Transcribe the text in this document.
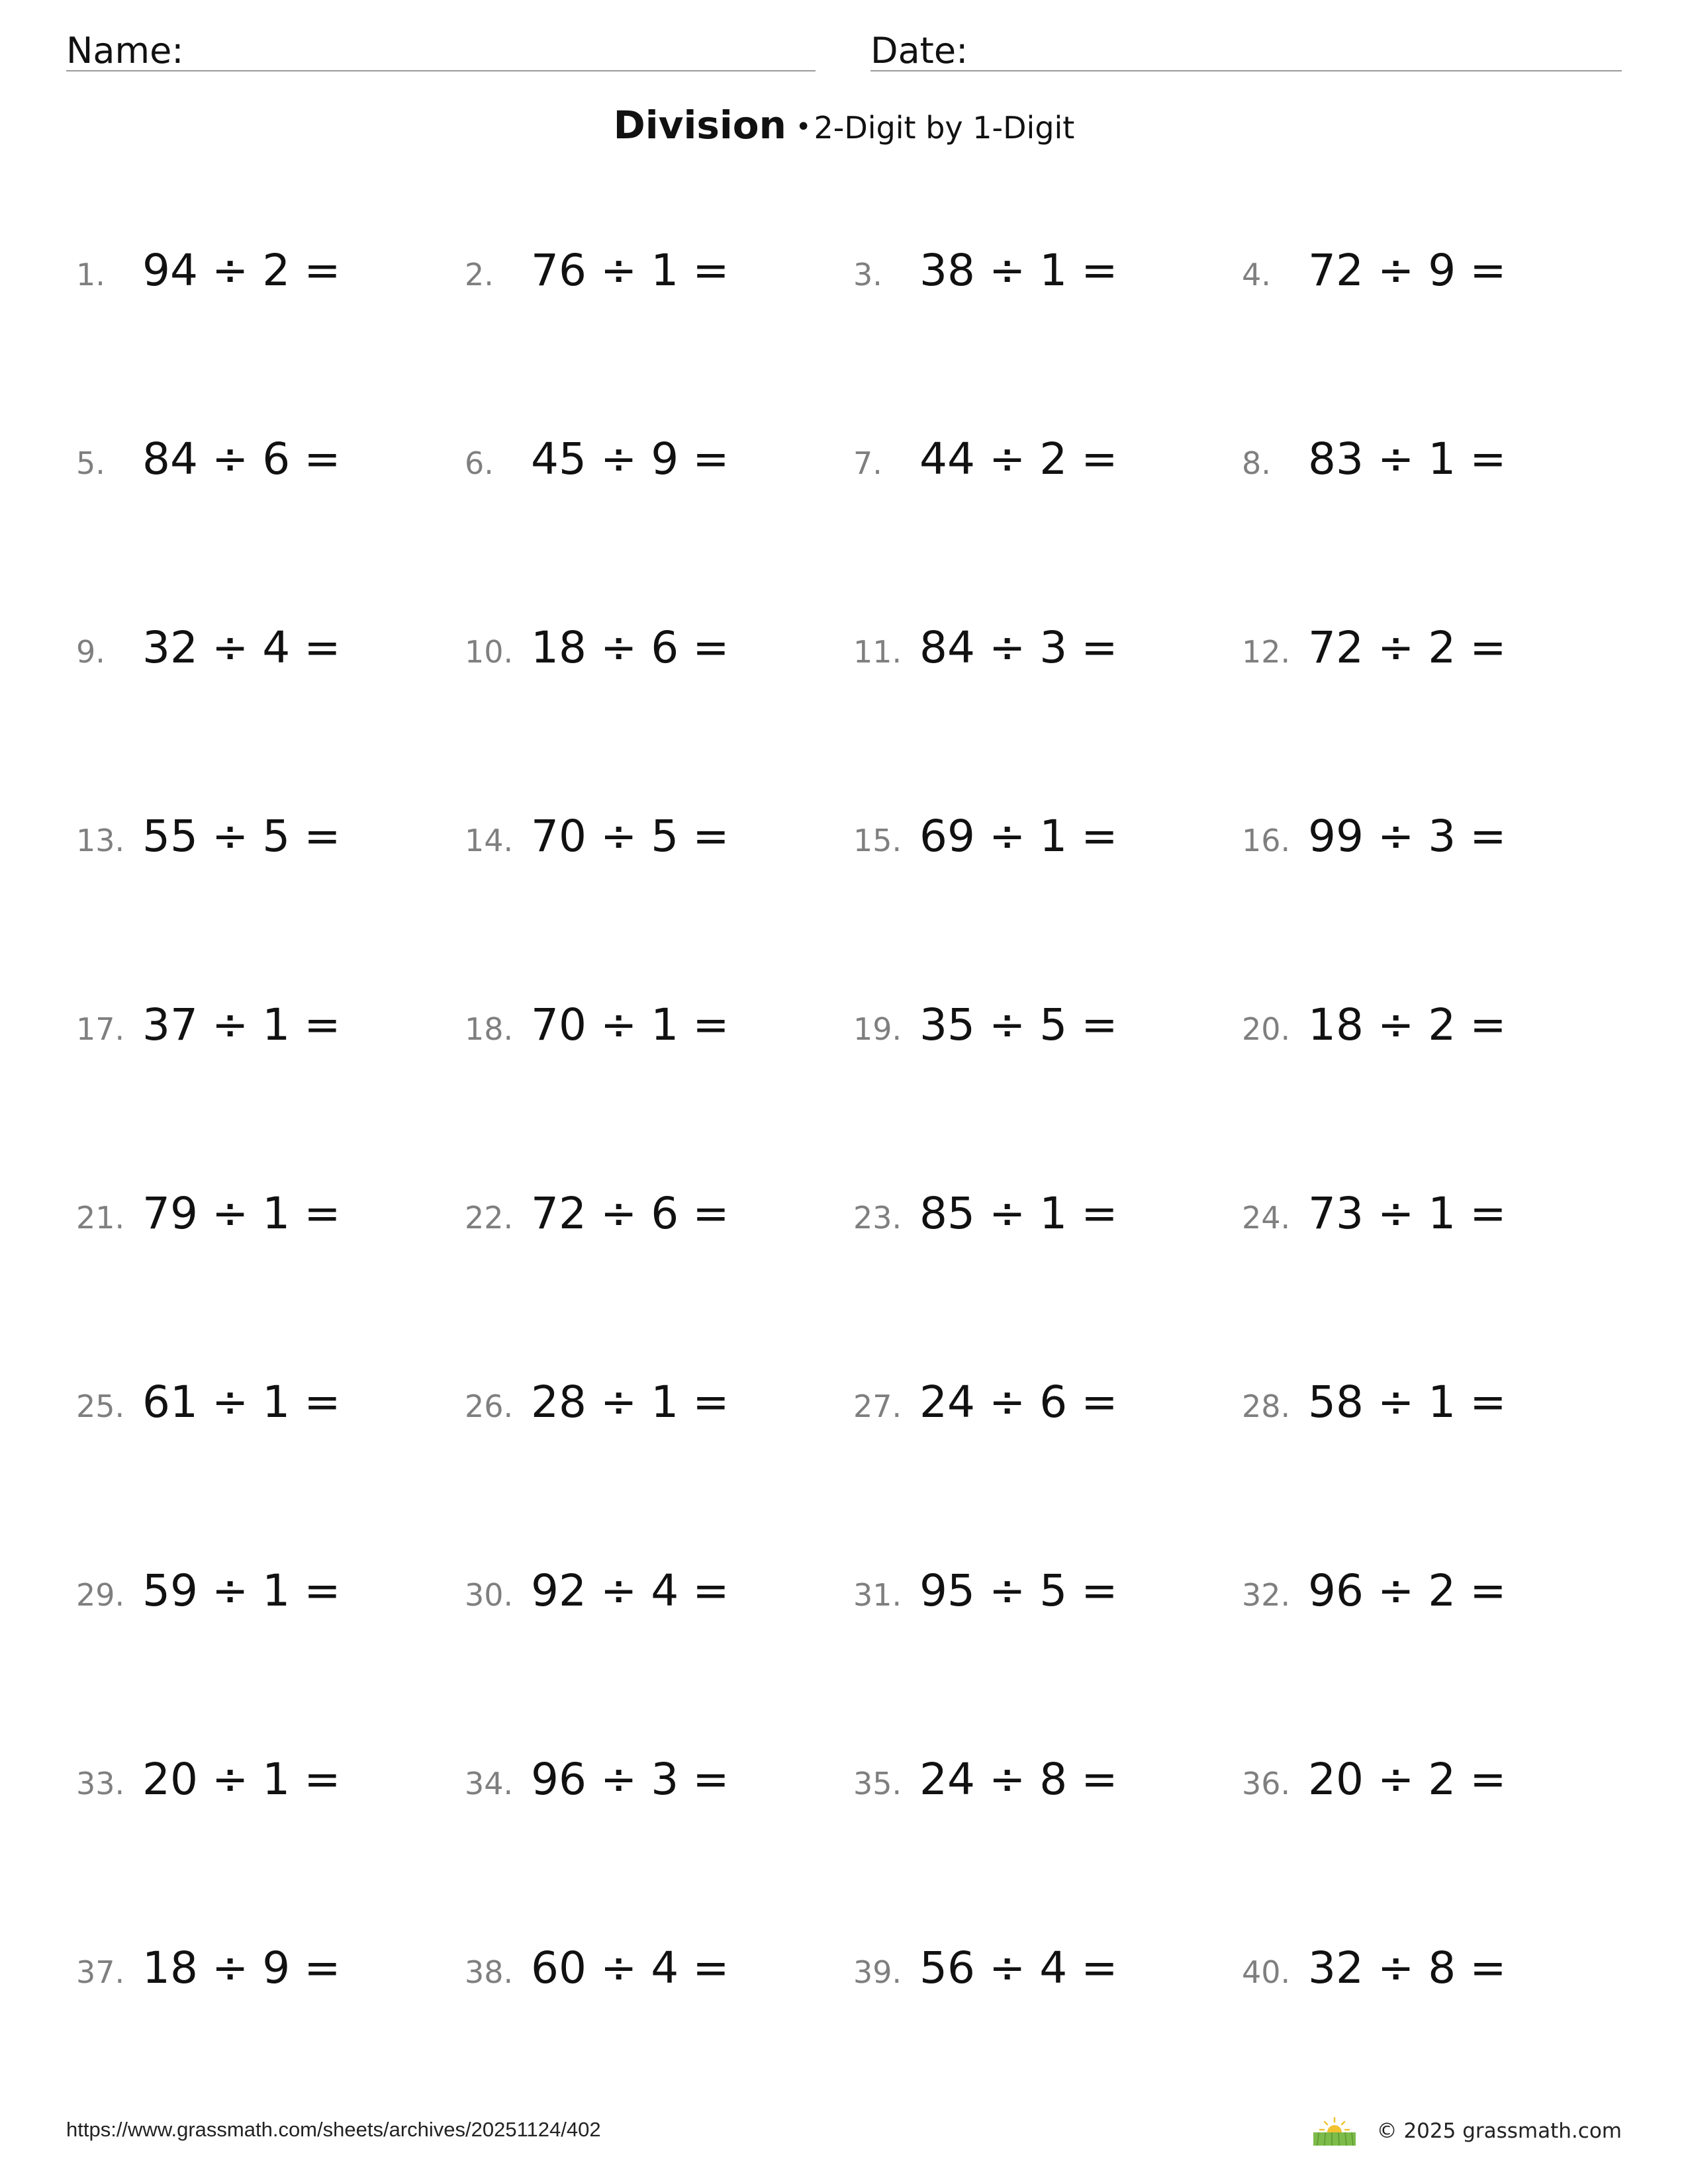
Name:	Date:
Division •2-Digit by 1-Digit
1. 94 ÷ 2 =	2. 76 ÷ 1 =	3. 38 ÷ 1 =	4. 72 ÷ 9 =
5. 84 ÷ 6 =	6. 45 ÷ 9 =	7. 44 ÷ 2 =	8. 83 ÷ 1 =
9. 32 ÷ 4 =	10. 18 ÷ 6 =	11. 84 ÷ 3 =	12. 72 ÷ 2 =
13. 55 ÷ 5 =	14. 70 ÷ 5 =	15. 69 ÷ 1 =	16. 99 ÷ 3 =
17. 37 ÷ 1 =	18. 70 ÷ 1 =	19. 35 ÷ 5 =	20. 18 ÷ 2 =
21. 79 ÷ 1 =	22. 72 ÷ 6 =	23. 85 ÷ 1 =	24. 73 ÷ 1 =
25. 61 ÷ 1 =	26. 28 ÷ 1 =	27. 24 ÷ 6 =	28. 58 ÷ 1 =
29. 59 ÷ 1 =	30. 92 ÷ 4 =	31. 95 ÷ 5 =	32. 96 ÷ 2 =
33. 20 ÷ 1 =	34. 96 ÷ 3 =	35. 24 ÷ 8 =	36. 20 ÷ 2 =
37. 18 ÷ 9 =	38. 60 ÷ 4 =	39. 56 ÷ 4 =	40. 32 ÷ 8 =
https://www.grassmath.com/sheets/archives/20251124/402	© 2025 grassmath.com
